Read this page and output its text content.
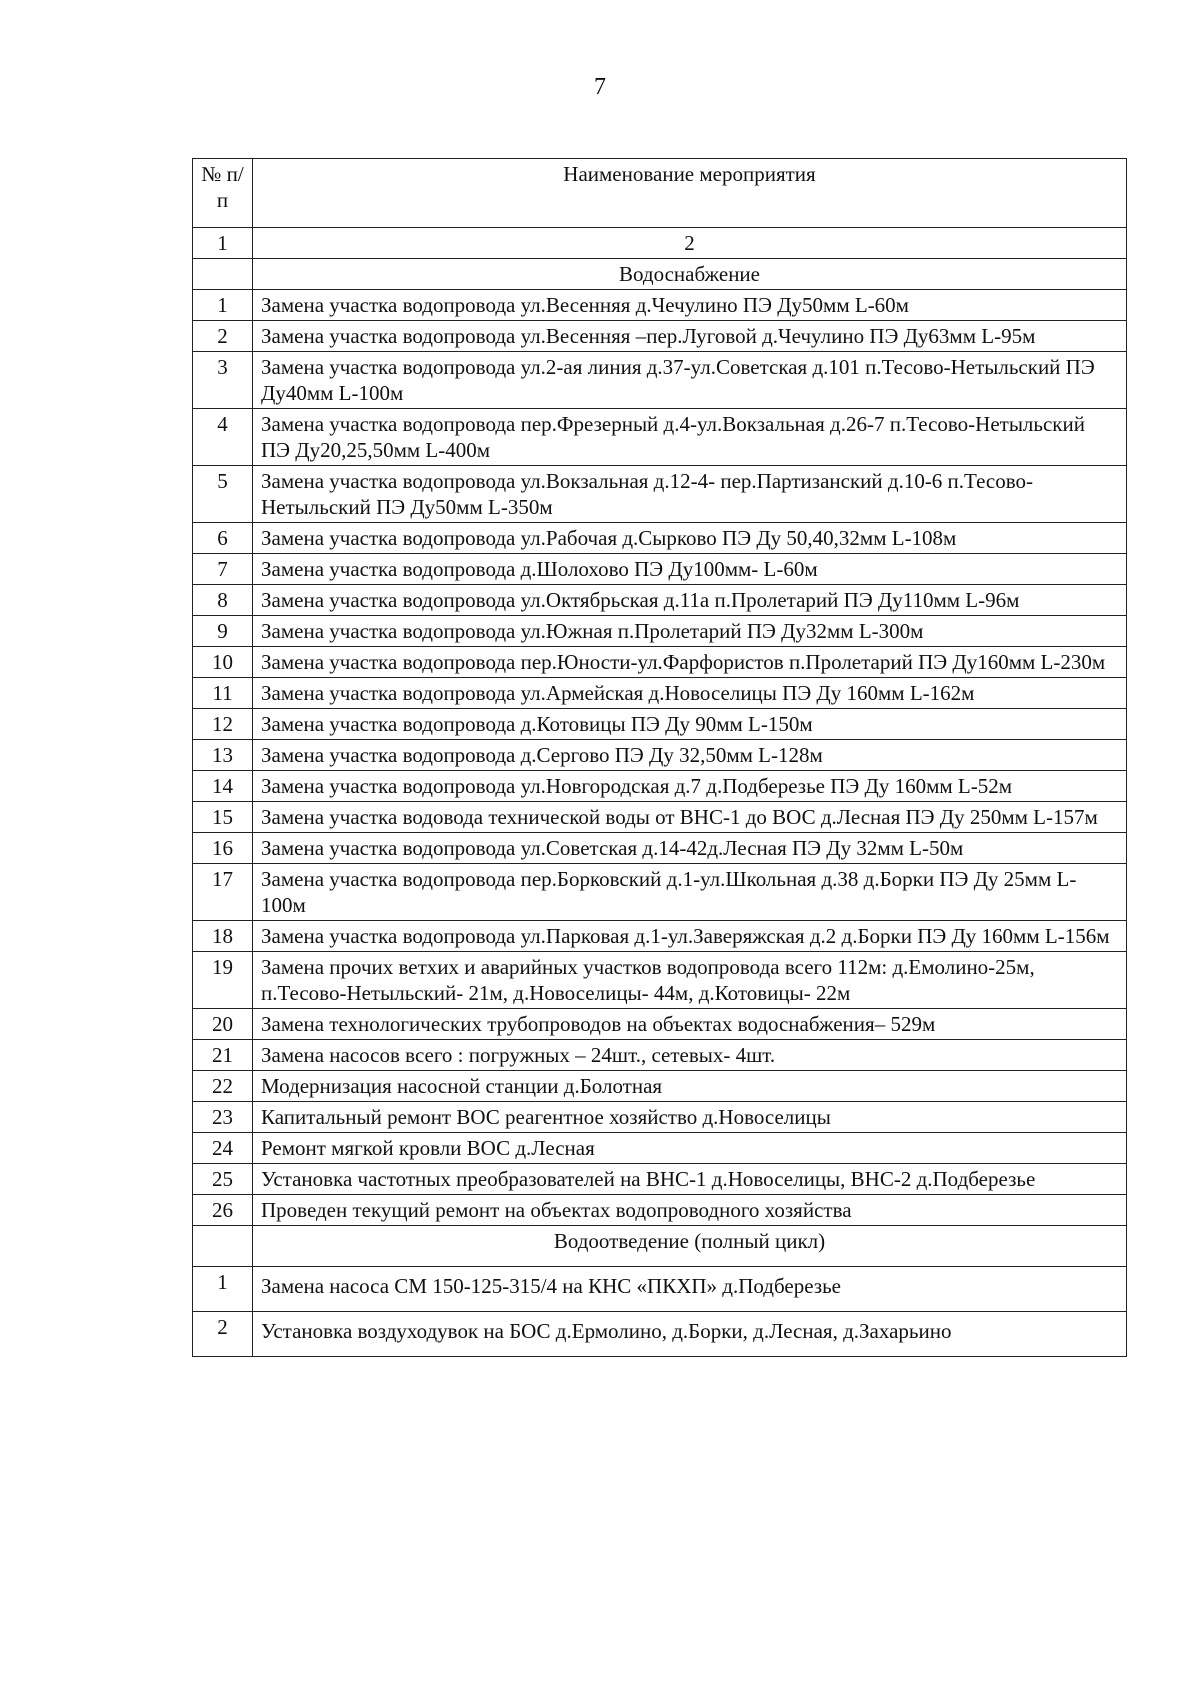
7
№ п/п	Наименование мероприятия
1	2
	Водоснабжение
1	Замена участка водопровода ул.Весенняя д.Чечулино ПЭ Ду50мм L-60м
2	Замена участка водопровода ул.Весенняя –пер.Луговой д.Чечулино ПЭ Ду63мм L-95м
3	Замена участка водопровода ул.2-ая линия д.37-ул.Советская д.101 п.Тесово-Нетыльский ПЭ Ду40мм L-100м
4	Замена участка водопровода пер.Фрезерный д.4-ул.Вокзальная д.26-7 п.Тесово-Нетыльский ПЭ Ду20,25,50мм L-400м
5	Замена участка водопровода ул.Вокзальная д.12-4- пер.Партизанский д.10-6 п.Тесово-Нетыльский ПЭ Ду50мм L-350м
6	Замена участка водопровода ул.Рабочая д.Сырково ПЭ Ду 50,40,32мм L-108м
7	Замена участка водопровода д.Шолохово ПЭ Ду100мм- L-60м
8	Замена участка водопровода ул.Октябрьская д.11а п.Пролетарий ПЭ Ду110мм L-96м
9	Замена участка водопровода ул.Южная п.Пролетарий ПЭ Ду32мм L-300м
10	Замена участка водопровода пер.Юности-ул.Фарфористов п.Пролетарий ПЭ Ду160мм L-230м
11	Замена участка водопровода ул.Армейская д.Новоселицы ПЭ Ду 160мм L-162м
12	Замена участка водопровода д.Котовицы ПЭ Ду 90мм L-150м
13	Замена участка водопровода д.Сергово ПЭ Ду 32,50мм L-128м
14	Замена участка водопровода ул.Новгородская д.7 д.Подберезье ПЭ Ду 160мм L-52м
15	Замена участка водовода технической воды от ВНС-1 до ВОС д.Лесная ПЭ Ду 250мм L-157м
16	Замена участка водопровода ул.Советская д.14-42д.Лесная ПЭ Ду 32мм L-50м
17	Замена участка водопровода пер.Борковский д.1-ул.Школьная д.38 д.Борки ПЭ Ду 25мм L-100м
18	Замена участка водопровода ул.Парковая д.1-ул.Заверяжская д.2 д.Борки ПЭ Ду 160мм L-156м
19	Замена прочих ветхих и аварийных участков водопровода всего 112м: д.Емолино-25м, п.Тесово-Нетыльский- 21м, д.Новоселицы- 44м, д.Котовицы- 22м
20	Замена технологических трубопроводов на объектах водоснабжения– 529м
21	Замена насосов всего : погружных – 24шт., сетевых- 4шт.
22	Модернизация насосной станции д.Болотная
23	Капитальный ремонт ВОС реагентное хозяйство д.Новоселицы
24	Ремонт мягкой кровли ВОС д.Лесная
25	Установка частотных преобразователей на ВНС-1 д.Новоселицы, ВНС-2 д.Подберезье
26	Проведен текущий ремонт на объектах водопроводного хозяйства
	Водоотведение (полный цикл)
1	Замена насоса СМ 150-125-315/4 на КНС «ПКХП» д.Подберезье
2	Установка воздуходувок на БОС д.Ермолино, д.Борки, д.Лесная, д.Захарьино
